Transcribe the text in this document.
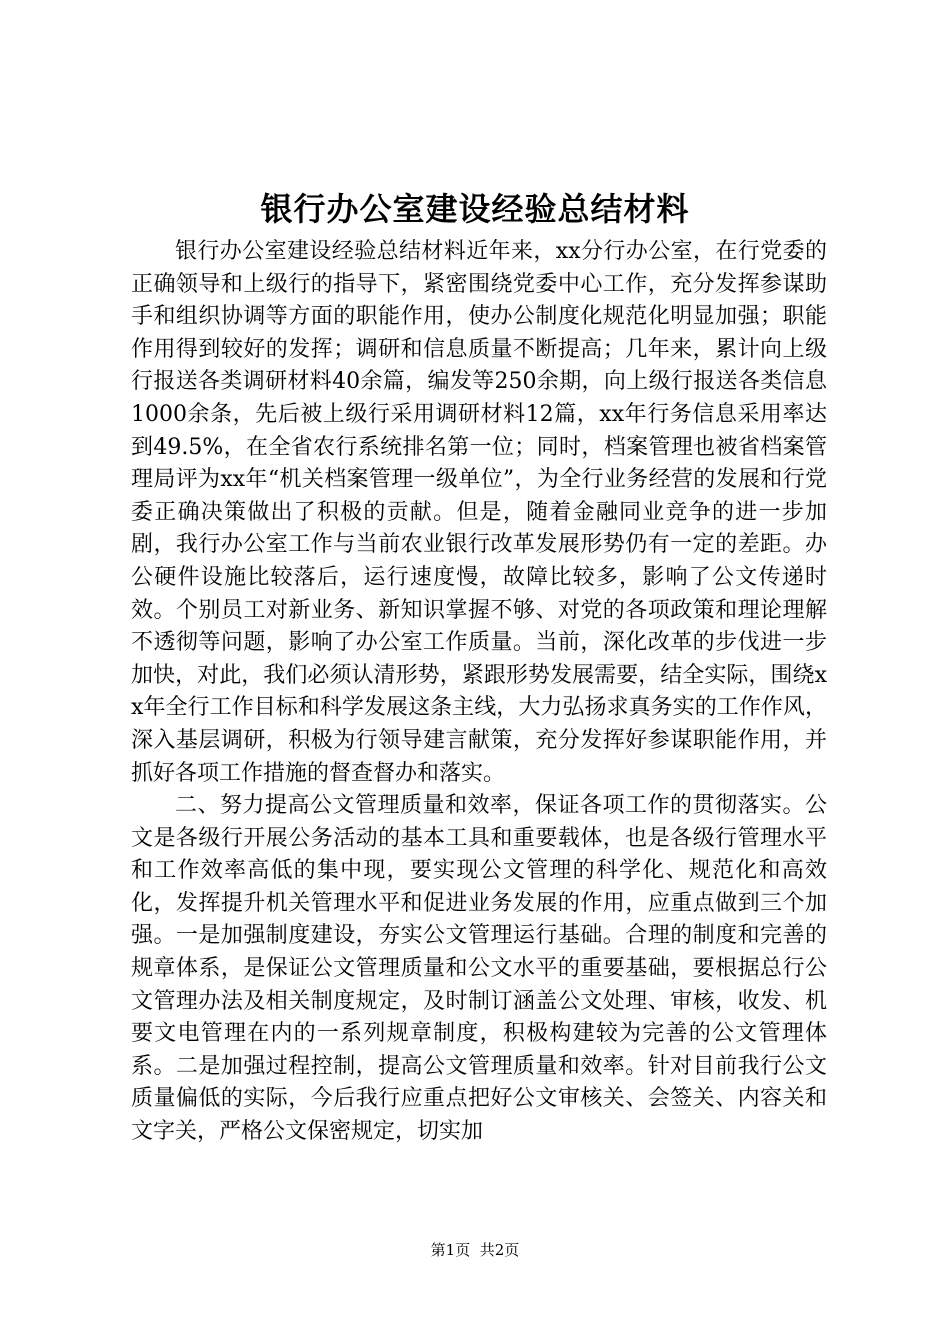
银行办公室建设经验总结材料

银行办公室建设经验总结材料近年来，xx分行办公室，在行党委的正确领导和上级行的指导下，紧密围绕党委中心工作，充分发挥参谋助手和组织协调等方面的职能作用，使办公制度化规范化明显加强；职能作用得到较好的发挥；调研和信息质量不断提高；几年来，累计向上级行报送各类调研材料40余篇，编发等250余期，向上级行报送各类信息1000余条，先后被上级行采用调研材料12篇，xx年行务信息采用率达到49.5%，在全省农行系统排名第一位；同时，档案管理也被省档案管理局评为xx年“机关档案管理一级单位”，为全行业务经营的发展和行党委正确决策做出了积极的贡献。但是，随着金融同业竞争的进一步加剧，我行办公室工作与当前农业银行改革发展形势仍有一定的差距。办公硬件设施比较落后，运行速度慢，故障比较多，影响了公文传递时效。个别员工对新业务、新知识掌握不够、对党的各项政策和理论理解不透彻等问题，影响了办公室工作质量。当前，深化改革的步伐进一步加快，对此，我们必须认清形势，紧跟形势发展需要，结全实际，围绕xx年全行工作目标和科学发展这条主线，大力弘扬求真务实的工作作风，深入基层调研，积极为行领导建言献策，充分发挥好参谋职能作用，并抓好各项工作措施的督查督办和落实。

二、努力提高公文管理质量和效率，保证各项工作的贯彻落实。公文是各级行开展公务活动的基本工具和重要载体，也是各级行管理水平和工作效率高低的集中现，要实现公文管理的科学化、规范化和高效化，发挥提升机关管理水平和促进业务发展的作用，应重点做到三个加强。一是加强制度建设，夯实公文管理运行基础。合理的制度和完善的规章体系，是保证公文管理质量和公文水平的重要基础，要根据总行公文管理办法及相关制度规定，及时制订涵盖公文处理、审核，收发、机要文电管理在内的一系列规章制度，积极构建较为完善的公文管理体系。二是加强过程控制，提高公文管理质量和效率。针对目前我行公文质量偏低的实际，今后我行应重点把好公文审核关、会签关、内容关和文字关，严格公文保密规定，切实加

第1页 共2页
